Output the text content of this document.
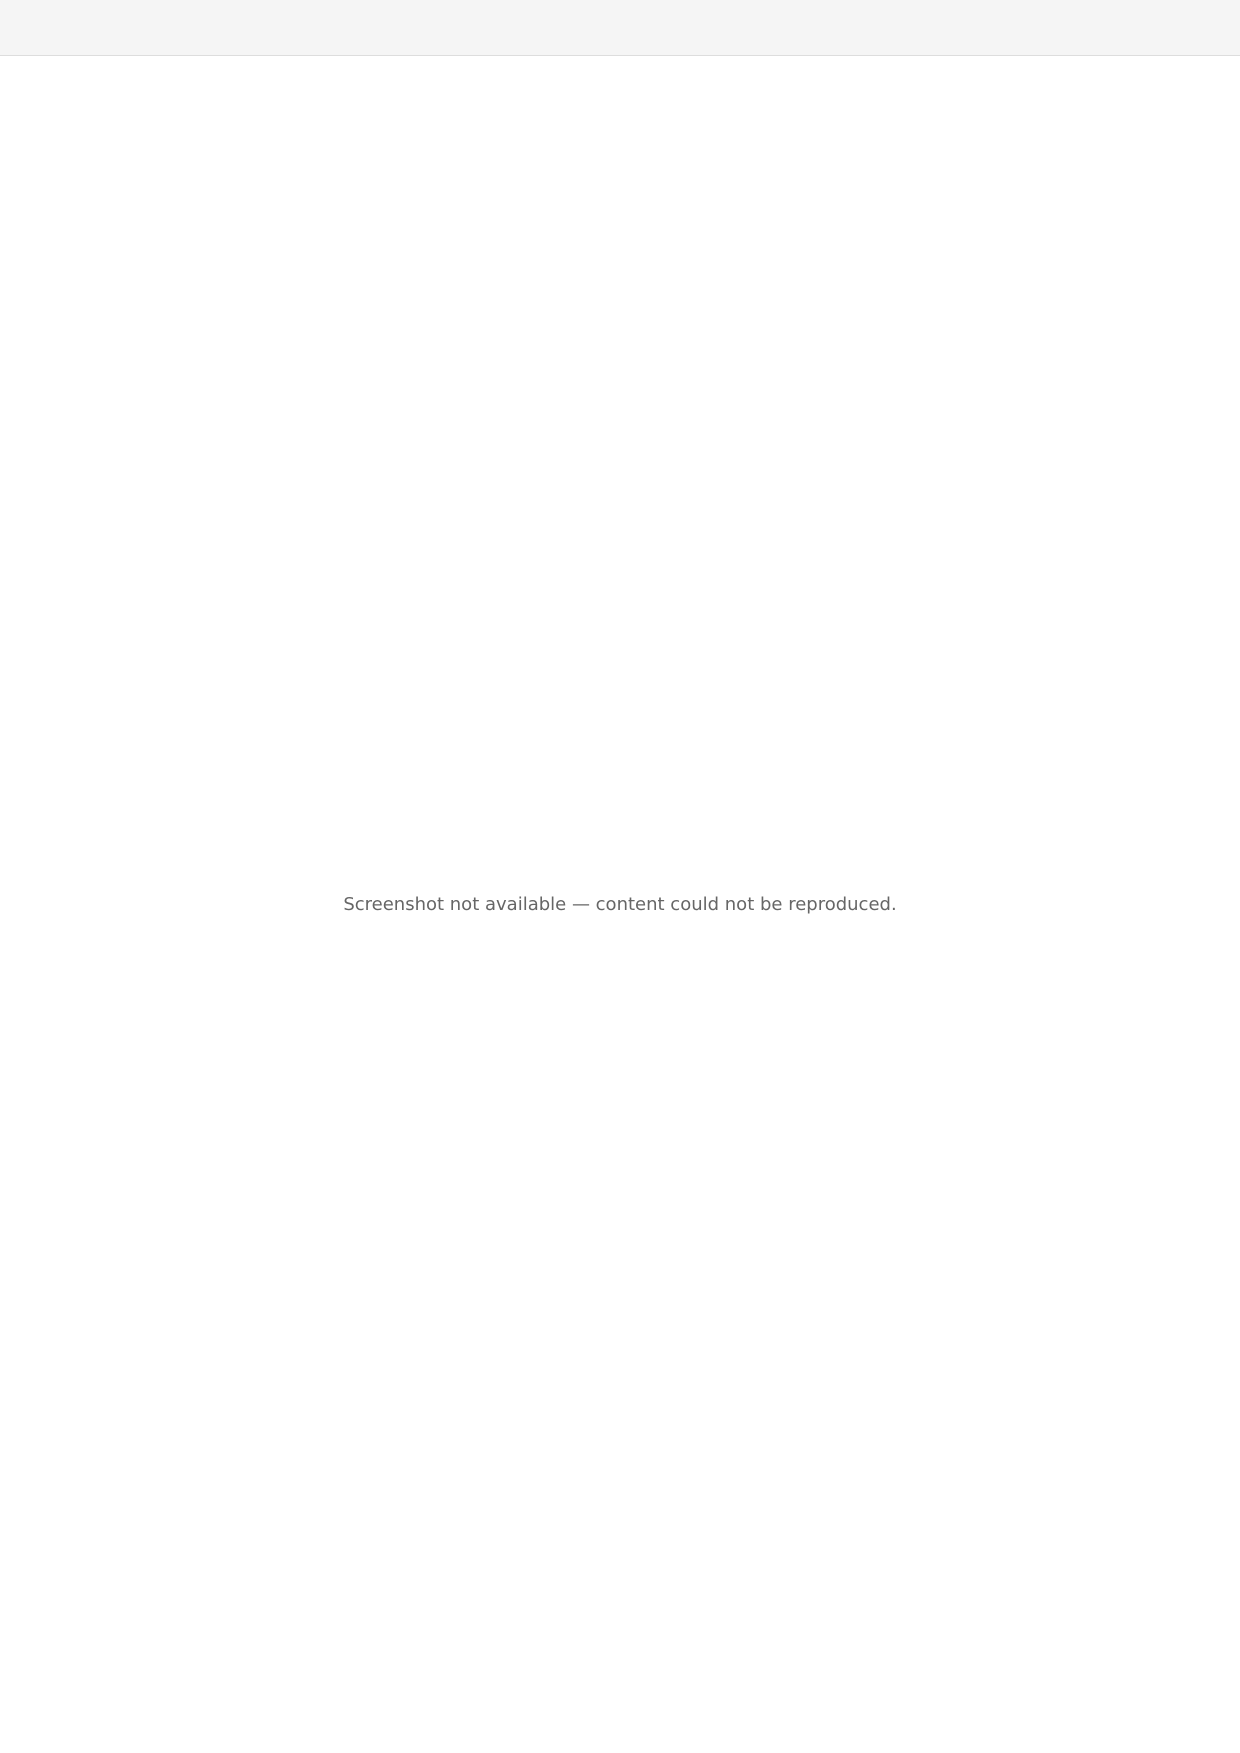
Screenshot not available — content could not be reproduced.
